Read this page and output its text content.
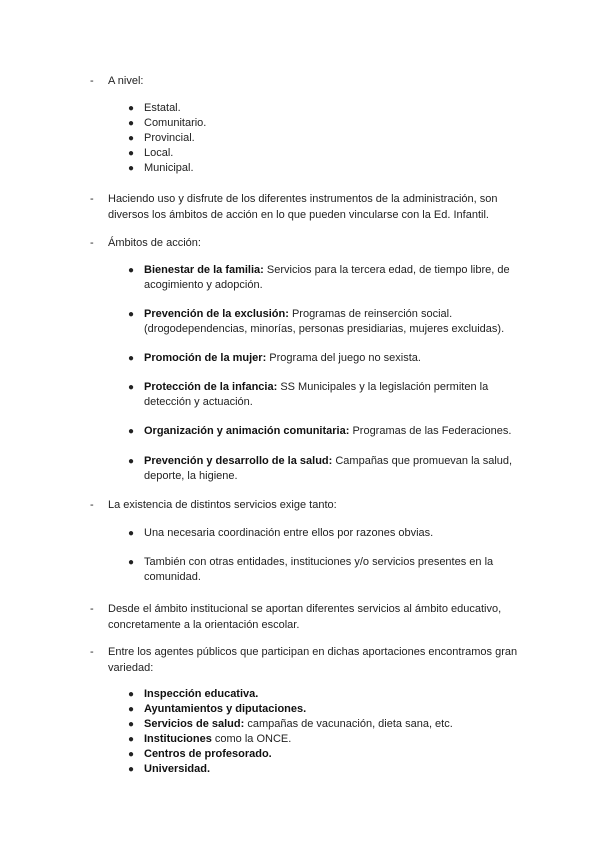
- A nivel:
● Estatal.
● Comunitario.
● Provincial.
● Local.
● Municipal.
- Haciendo uso y disfrute de los diferentes instrumentos de la administración, son diversos los ámbitos de acción en lo que pueden vincularse con la Ed. Infantil.
- Ámbitos de acción:
● Bienestar de la familia: Servicios para la tercera edad, de tiempo libre, de acogimiento y adopción.
● Prevención de la exclusión: Programas de reinserción social. (drogodependencias, minorías, personas presidiarias, mujeres excluidas).
● Promoción de la mujer: Programa del juego no sexista.
● Protección de la infancia: SS Municipales y la legislación permiten la detección y actuación.
● Organización y animación comunitaria: Programas de las Federaciones.
● Prevención y desarrollo de la salud: Campañas que promuevan la salud, deporte, la higiene.
- La existencia de distintos servicios exige tanto:
● Una necesaria coordinación entre ellos por razones obvias.
● También con otras entidades, instituciones y/o servicios presentes en la comunidad.
- Desde el ámbito institucional se aportan diferentes servicios al ámbito educativo, concretamente a la orientación escolar.
- Entre los agentes públicos que participan en dichas aportaciones encontramos gran variedad:
● Inspección educativa.
● Ayuntamientos y diputaciones.
● Servicios de salud: campañas de vacunación, dieta sana, etc.
● Instituciones como la ONCE.
● Centros de profesorado.
● Universidad.
